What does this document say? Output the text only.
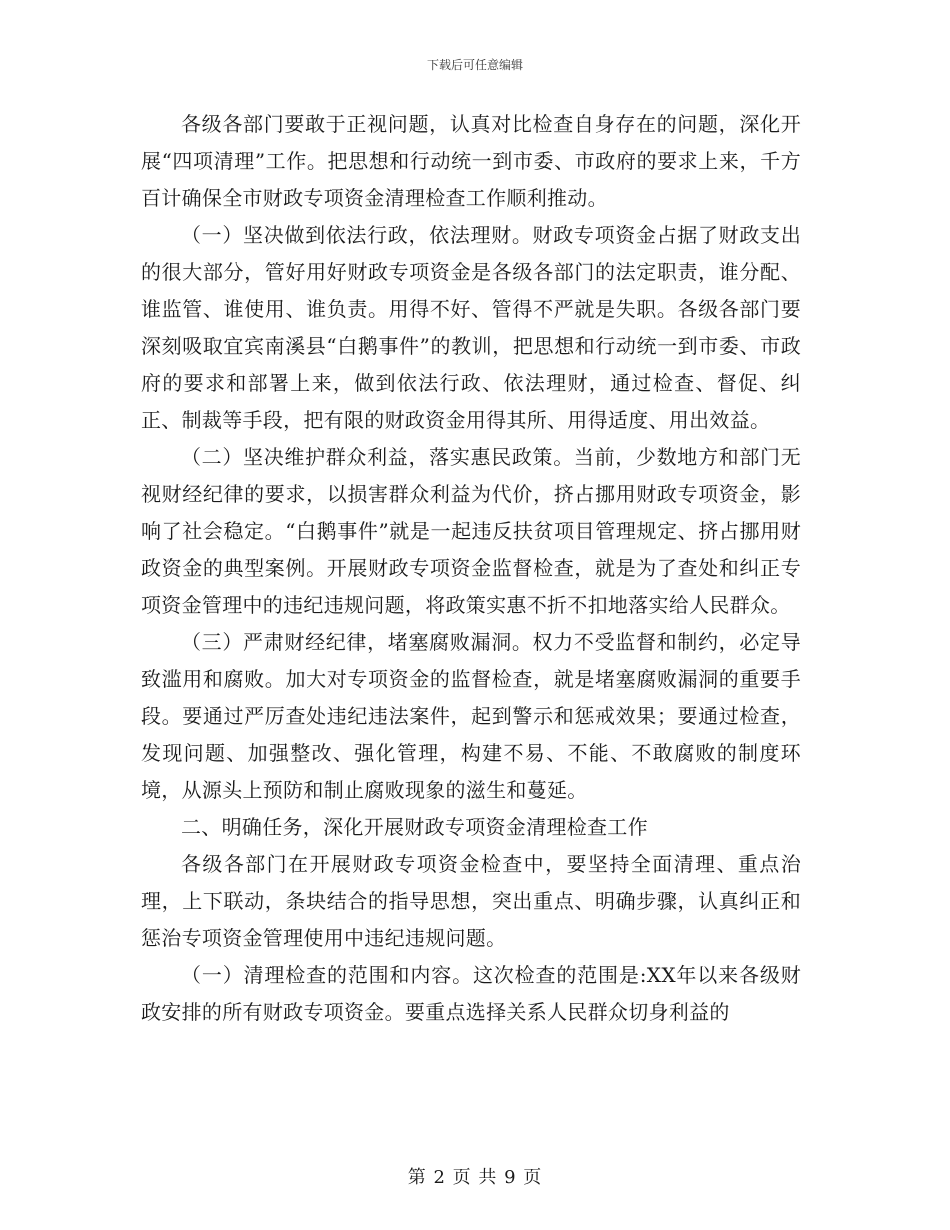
下载后可任意编辑

各级各部门要敢于正视问题，认真对比检查自身存在的问题，深化开展“四项清理”工作。把思想和行动统一到市委、市政府的要求上来，千方百计确保全市财政专项资金清理检查工作顺利推动。

（一）坚决做到依法行政，依法理财。财政专项资金占据了财政支出的很大部分，管好用好财政专项资金是各级各部门的法定职责，谁分配、谁监管、谁使用、谁负责。用得不好、管得不严就是失职。各级各部门要深刻吸取宜宾南溪县“白鹅事件”的教训，把思想和行动统一到市委、市政府的要求和部署上来，做到依法行政、依法理财，通过检查、督促、纠正、制裁等手段，把有限的财政资金用得其所、用得适度、用出效益。

（二）坚决维护群众利益，落实惠民政策。当前，少数地方和部门无视财经纪律的要求，以损害群众利益为代价，挤占挪用财政专项资金，影响了社会稳定。“白鹅事件”就是一起违反扶贫项目管理规定、挤占挪用财政资金的典型案例。开展财政专项资金监督检查，就是为了查处和纠正专项资金管理中的违纪违规问题，将政策实惠不折不扣地落实给人民群众。

（三）严肃财经纪律，堵塞腐败漏洞。权力不受监督和制约，必定导致滥用和腐败。加大对专项资金的监督检查，就是堵塞腐败漏洞的重要手段。要通过严厉查处违纪违法案件，起到警示和惩戒效果；要通过检查，发现问题、加强整改、强化管理，构建不易、不能、不敢腐败的制度环境，从源头上预防和制止腐败现象的滋生和蔓延。

二、明确任务，深化开展财政专项资金清理检查工作

各级各部门在开展财政专项资金检查中，要坚持全面清理、重点治理，上下联动，条块结合的指导思想，突出重点、明确步骤，认真纠正和惩治专项资金管理使用中违纪违规问题。

（一）清理检查的范围和内容。这次检查的范围是:XX年以来各级财政安排的所有财政专项资金。要重点选择关系人民群众切身利益的

第 2 页 共 9 页
